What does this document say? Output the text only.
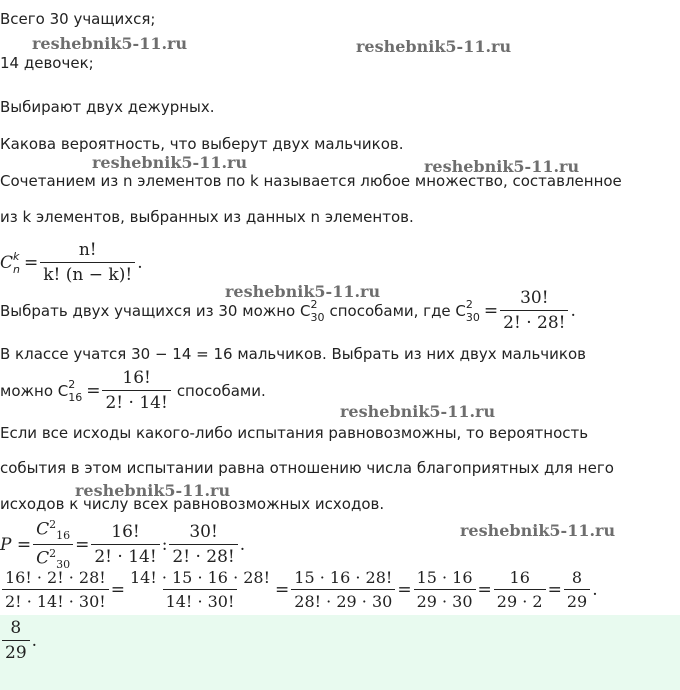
reshebnik5-11.ru	reshebnik5-11.ru
reshebnik5-11.ru	reshebnik5-11.ru
reshebnik5-11.ru
reshebnik5-11.ru
reshebnik5-11.ru
reshebnik5-11.ru
Всего 30 учащихся;
14 девочек;
Выбирают двух дежурных.
Какова вероятность, что выберут двух мальчиков.
Сочетанием из n элементов по k называется любое множество, составленное
из k элементов, выбранных из данных n элементов.
C k
$n = \frac{n!}{k! (n - k)!}$ .
Выбрать двух учащихся из 30 можно C 2
30 способами, где C 2
$30 = \frac{30!}{2! \cdot 28!}$ .
В классе учатся 30 − 14 = 16 мальчиков. Выбрать из них двух мальчиков
можно C 2
$16 = \frac{16!}{2! \cdot 14!}$ способами.
Если все исходы какого-либо испытания равновозможны, то вероятность
события в этом испытании равна отношению числа благоприятных для него
исходов к числу всех равновозможных исходов.
$P = \frac{C^2_{16}}{C^2_{30}} = \frac{16!}{2! \cdot 14!}$ : $\frac{30!}{2! \cdot 28!}$ .
$\frac{16! \cdot 2! \cdot 28!}{2! \cdot 14! \cdot 30!} = \frac{14! \cdot 15 \cdot 16 \cdot 28!}{14! \cdot 30!} = \frac{15 \cdot 16 \cdot 28!}{28! \cdot 29 \cdot 30} = \frac{15 \cdot 16}{29 \cdot 30} = \frac{16}{29 \cdot 2} = \frac{8}{29}$ .
$\frac{8}{29}$ .
